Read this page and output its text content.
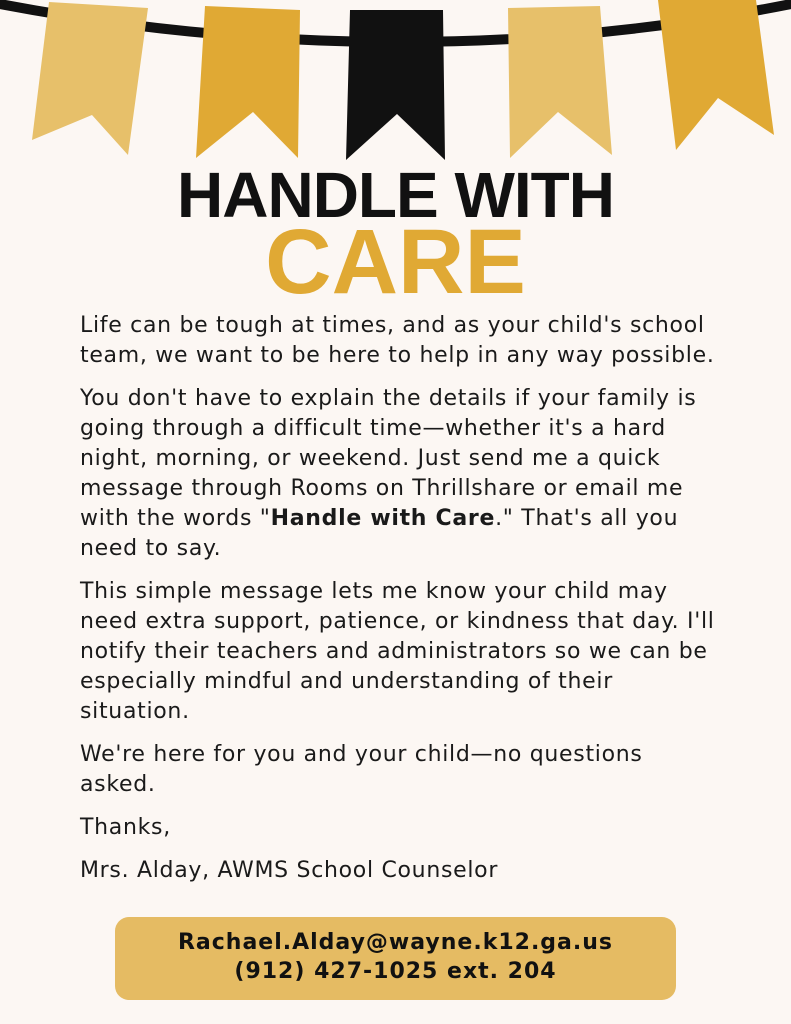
HANDLE WITH
CARE

Life can be tough at times, and as your child's school team, we want to be here to help in any way possible.

You don't have to explain the details if your family is going through a difficult time—whether it's a hard night, morning, or weekend. Just send me a quick message through Rooms on Thrillshare or email me with the words "Handle with Care." That's all you need to say.

This simple message lets me know your child may need extra support, patience, or kindness that day. I'll notify their teachers and administrators so we can be especially mindful and understanding of their situation.

We're here for you and your child—no questions asked.

Thanks,

Mrs. Alday, AWMS School Counselor

Rachael.Alday@wayne.k12.ga.us
(912) 427-1025 ext. 204
